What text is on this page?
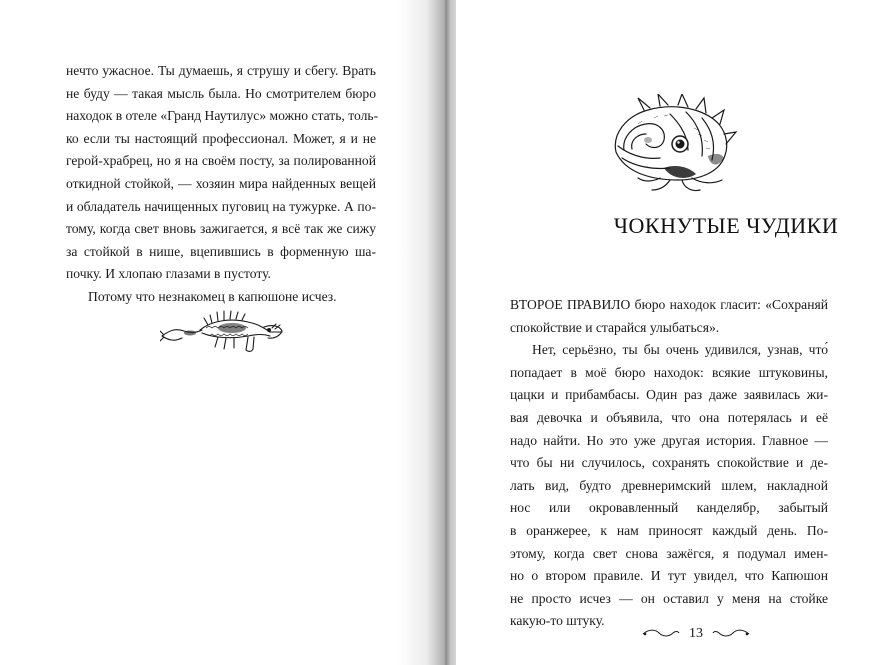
нечто ужасное. Ты думаешь, я струшу и сбегу. Врать
не буду — такая мысль была. Но смотрителем бюро
находок в отеле «Гранд Наутилус» можно стать, толь-
ко если ты настоящий профессионал. Может, я и не
герой-храбрец, но я на своём посту, за полированной
откидной стойкой, — хозяин мира найденных вещей
и обладатель начищенных пуговиц на тужурке. А по-
тому, когда свет вновь зажигается, я всё так же сижу
за стойкой в нише, вцепившись в форменную ша-
почку. И хлопаю глазами в пустоту.
Потому что незнакомец в капюшоне исчез.
ЧОКНУТЫЕ ЧУДИКИ
ВТОРОЕ ПРАВИЛО бюро находок гласит: «Сохраняй
спокойствие и старайся улыбаться».
Нет, серьёзно, ты бы очень удивился, узнав, что́
попадает в моё бюро находок: всякие штуковины,
цацки и прибамбасы. Один раз даже заявилась жи-
вая девочка и объявила, что она потерялась и её
надо найти. Но это уже другая история. Главное —
что бы ни случилось, сохранять спокойствие и де-
лать вид, будто древнеримский шлем, накладной
нос или окровавленный канделябр, забытый
в оранжерее, к нам приносят каждый день. По-
этому, когда свет снова зажёгся, я подумал имен-
но о втором правиле. И тут увидел, что Капюшон
не просто исчез — он оставил у меня на стойке
какую-то штуку.
13
